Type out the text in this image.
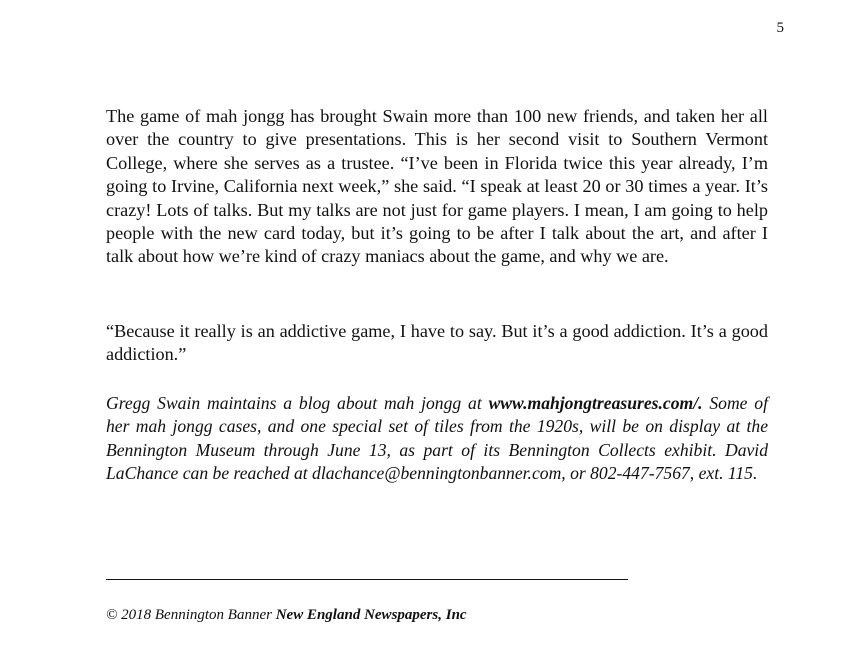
5

The game of mah jongg has brought Swain more than 100 new friends, and taken her all over the country to give presentations. This is her second visit to Southern Vermont College, where she serves as a trustee. “I’ve been in Florida twice this year already, I’m going to Irvine, California next week,” she said. “I speak at least 20 or 30 times a year. It’s crazy! Lots of talks. But my talks are not just for game players. I mean, I am going to help people with the new card today, but it’s going to be after I talk about the art, and after I talk about how we’re kind of crazy maniacs about the game, and why we are.

“Because it really is an addictive game, I have to say. But it’s a good addiction. It’s a good addiction.”

Gregg Swain maintains a blog about mah jongg at www.mahjongtreasures.com/. Some of her mah jongg cases, and one special set of tiles from the 1920s, will be on display at the Bennington Museum through June 13, as part of its Bennington Collects exhibit. David LaChance can be reached at dlachance@benningtonbanner.com, or 802-447-7567, ext. 115.

© 2018 Bennington Banner New England Newspapers, Inc
